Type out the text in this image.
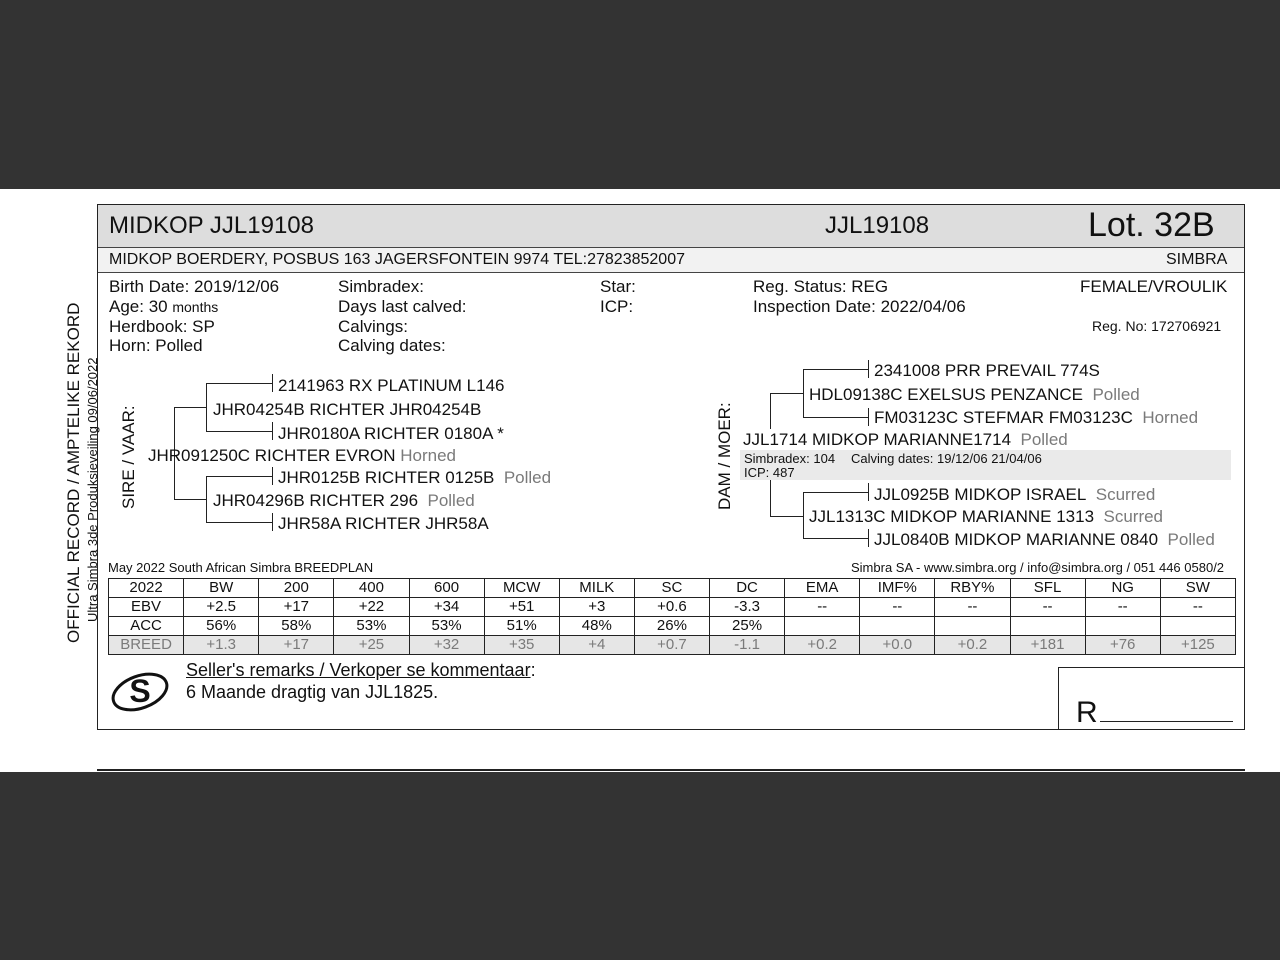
OFFICIAL RECORD / AMPTELIKE REKORD Ultra Simbra 3de Produksieveiling 09/06/2022
MIDKOP JJL19108	JJL19108	Lot. 32B
MIDKOP BOERDERY, POSBUS 163 JAGERSFONTEIN 9974 TEL:27823852007	SIMBRA
Birth Date: 2019/12/06
Age: 30 months
Herdbook: SP
Horn: Polled
Simbradex:
Days last calved:
Calvings:
Calving dates:
Star:
ICP:
Reg. Status: REG
Inspection Date: 2022/04/06
FEMALE/VROULIK
Reg. No: 172706921
SIRE / VAAR:
2141963 RX PLATINUM L146
JHR04254B RICHTER JHR04254B
JHR0180A RICHTER 0180A *
JHR091250C RICHTER EVRON Horned
JHR0125B RICHTER 0125B Polled
JHR04296B RICHTER 296 Polled
JHR58A RICHTER JHR58A
DAM / MOER:
2341008 PRR PREVAIL 774S
HDL09138C EXELSUS PENZANCE Polled
FM03123C STEFMAR FM03123C Horned
JJL1714 MIDKOP MARIANNE1714 Polled
Simbradex: 104 Calving dates: 19/12/06 21/04/06
ICP: 487
JJL0925B MIDKOP ISRAEL Scurred
JJL1313C MIDKOP MARIANNE 1313 Scurred
JJL0840B MIDKOP MARIANNE 0840 Polled
May 2022 South African Simbra BREEDPLAN	Simbra SA - www.simbra.org / info@simbra.org / 051 446 0580/2
2022	BW	200	400	600	MCW	MILK	SC	DC	EMA	IMF%	RBY%	SFL	NG	SW
EBV	+2.5	+17	+22	+34	+51	+3	+0.6	-3.3	--	--	--	--	--	--
ACC	56%	58%	53%	53%	51%	48%	26%	25%						
BREED	+1.3	+17	+25	+32	+35	+4	+0.7	-1.1	+0.2	+0.0	+0.2	+181	+76	+125
S
Seller's remarks / Verkoper se kommentaar:
6 Maande dragtig van JJL1825.
R
